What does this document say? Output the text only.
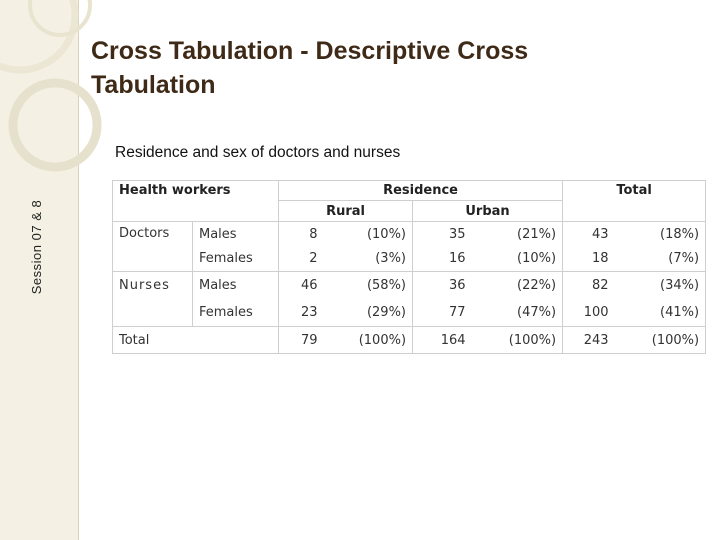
Session 07 & 8
Cross Tabulation - Descriptive Cross Tabulation
Residence and sex of doctors and nurses
Health workers		Residence				Total	
		Rural		Urban			
Doctors	Males	8	(10%)	35	(21%)	43	(18%)
	Females	2	(3%)	16	(10%)	18	(7%)
Nurses	Males	46	(58%)	36	(22%)	82	(34%)
	Females	23	(29%)	77	(47%)	100	(41%)
Total		79	(100%)	164	(100%)	243	(100%)
